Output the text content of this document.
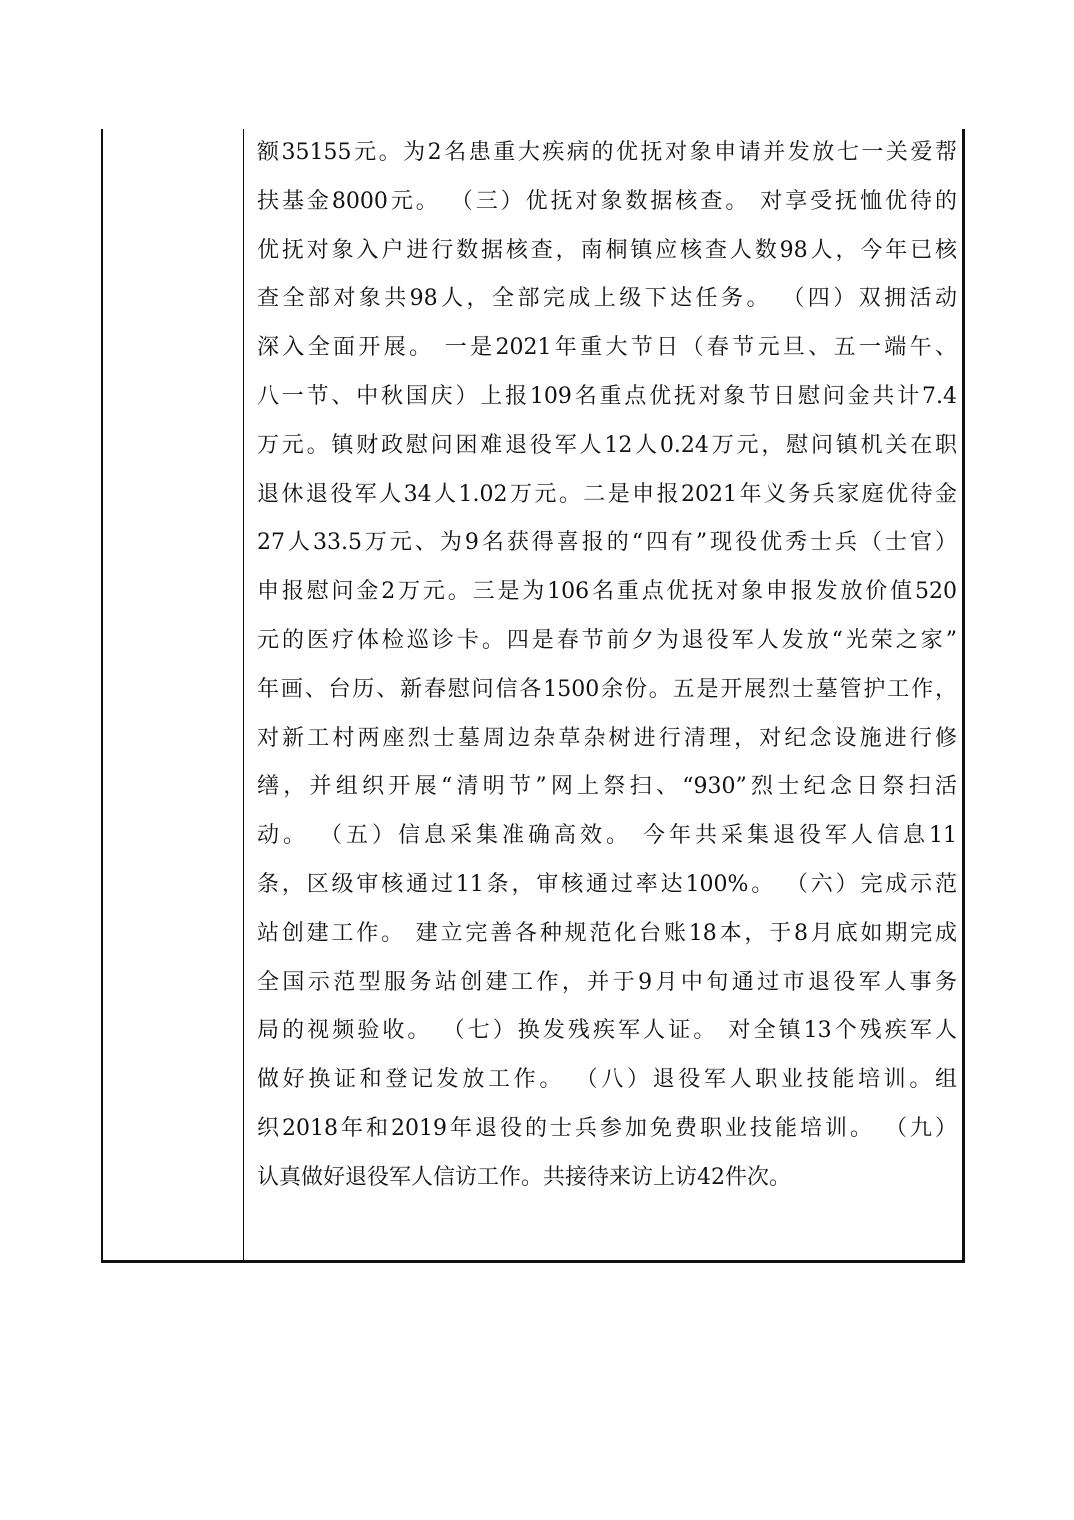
额35155元。为2名患重大疾病的优抚对象申请并发放七一关爱帮
扶基金8000元。 （三）优抚对象数据核查。 对享受抚恤优待的
优抚对象入户进行数据核查，南桐镇应核查人数98人，今年已核
查全部对象共98人，全部完成上级下达任务。 （四）双拥活动
深入全面开展。 一是2021年重大节日（春节元旦、五一端午、
八一节、中秋国庆）上报109名重点优抚对象节日慰问金共计7.4
万元。镇财政慰问困难退役军人12人0.24万元，慰问镇机关在职
退休退役军人34人1.02万元。二是申报2021年义务兵家庭优待金
27人33.5万元、为9名获得喜报的“四有”现役优秀士兵（士官）
申报慰问金2万元。三是为106名重点优抚对象申报发放价值520
元的医疗体检巡诊卡。四是春节前夕为退役军人发放“光荣之家”
年画、台历、新春慰问信各1500余份。五是开展烈士墓管护工作，
对新工村两座烈士墓周边杂草杂树进行清理，对纪念设施进行修
缮，并组织开展“清明节”网上祭扫、“930”烈士纪念日祭扫活
动。 （五）信息采集准确高效。 今年共采集退役军人信息11
条，区级审核通过11条，审核通过率达100%。 （六）完成示范
站创建工作。 建立完善各种规范化台账18本，于8月底如期完成
全国示范型服务站创建工作，并于9月中旬通过市退役军人事务
局的视频验收。 （七）换发残疾军人证。 对全镇13个残疾军人
做好换证和登记发放工作。 （八）退役军人职业技能培训。组
织2018年和2019年退役的士兵参加免费职业技能培训。 （九）
认真做好退役军人信访工作。共接待来访上访42件次。
